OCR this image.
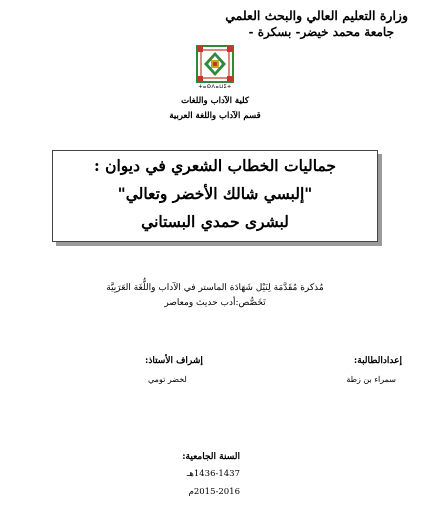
وزارة التعليم العالي والبحث العلمي
جامعة محمد خيضر- بسكرة -
ⵜⴰⵙⴷⴰⵡⵉⵜ
كلية الآداب واللغات
قسم الآداب واللغة العربية
جماليات الخطاب الشعري في ديوان :
"إلبسي شالك الأخضر وتعالي"
لبشرى حمدي البستاني
مُذكرة مُقَدَّمَة لِنَيْل شَهَادَة الماستر في الآداب واللُّغَة العَرَبِيَّة
تَخَصُّص:أدب حديث ومعاصر
إعدادالطالبة:
سمراء بن زطة
إشراف الأستاذ:
لخضر تومي
السنة الجامعية:
1436-1437هـ
2015-2016م
